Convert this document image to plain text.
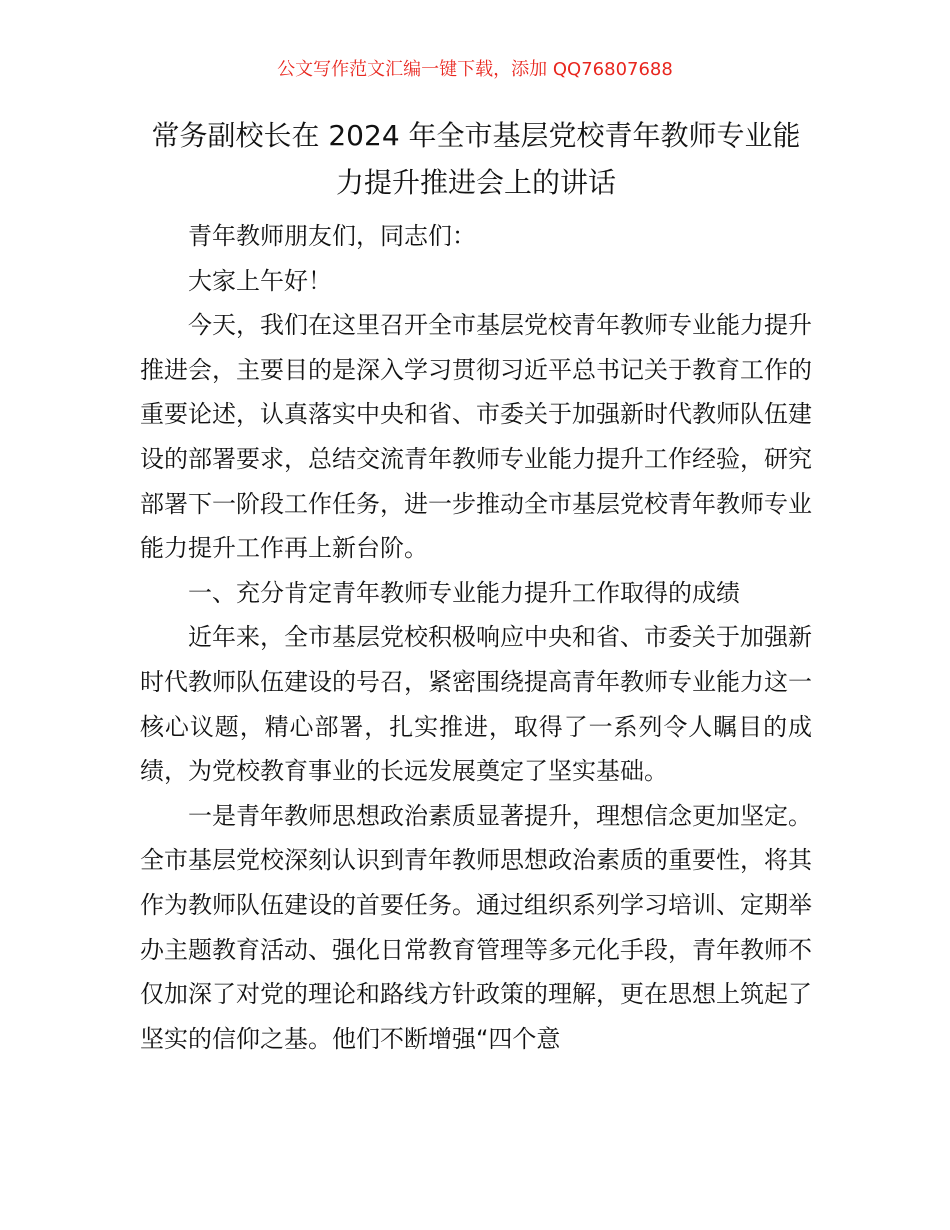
公文写作范文汇编一键下载，添加 QQ76807688
常务副校长在 2024 年全市基层党校青年教师专业能力提升推进会上的讲话

青年教师朋友们，同志们：

大家上午好！

今天，我们在这里召开全市基层党校青年教师专业能力提升推进会，主要目的是深入学习贯彻习近平总书记关于教育工作的重要论述，认真落实中央和省、市委关于加强新时代教师队伍建设的部署要求，总结交流青年教师专业能力提升工作经验，研究部署下一阶段工作任务，进一步推动全市基层党校青年教师专业能力提升工作再上新台阶。

一、充分肯定青年教师专业能力提升工作取得的成绩

近年来，全市基层党校积极响应中央和省、市委关于加强新时代教师队伍建设的号召，紧密围绕提高青年教师专业能力这一核心议题，精心部署，扎实推进，取得了一系列令人瞩目的成绩，为党校教育事业的长远发展奠定了坚实基础。

一是青年教师思想政治素质显著提升，理想信念更加坚定。全市基层党校深刻认识到青年教师思想政治素质的重要性，将其作为教师队伍建设的首要任务。通过组织系列学习培训、定期举办主题教育活动、强化日常教育管理等多元化手段，青年教师不仅加深了对党的理论和路线方针政策的理解，更在思想上筑起了坚实的信仰之基。他们不断增强“四个意
